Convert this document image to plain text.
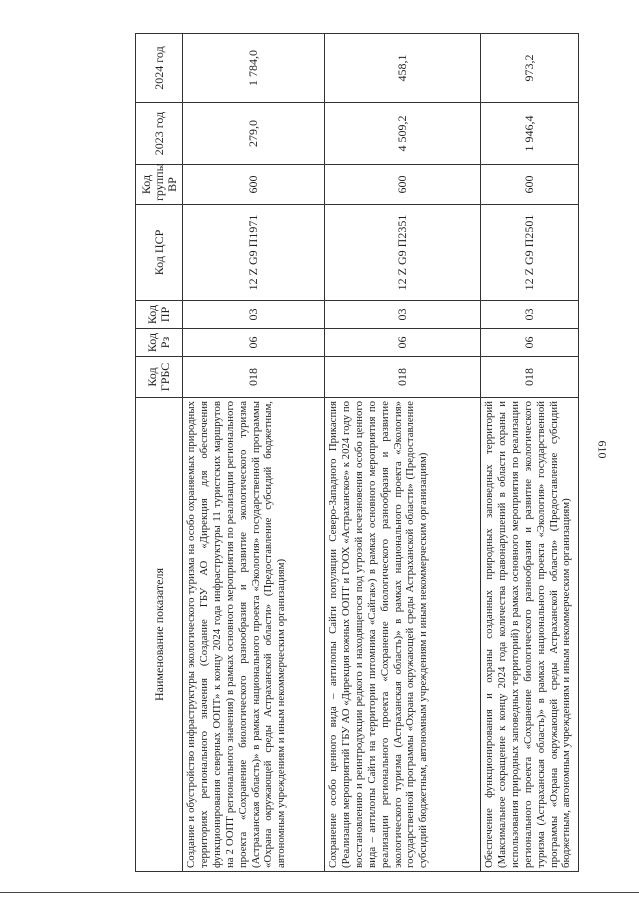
610
Наименование показателя	Код ГРБС	Код Рз	Код ПР	Код ЦСР	Код группы ВР	2023 год	2024 год
Создание и обустройство инфраструктуры экологического туризма на особо охраняемых природных территориях регионального значения (Создание ГБУ АО «Дирекция для обеспечения функционирования северных ООПТ» к концу 2024 года инфраструктуры 11 туристских маршрутов на 2 ООПТ регионального значения) в рамках основного мероприятия по реализации регионального проекта «Сохранение биологического разнообразия и развитие экологического туризма (Астраханская область)» в рамках национального проекта «Экология» государственной программы «Охрана окружающей среды Астраханской области» (Предоставление субсидий бюджетным, автономным учреждениям и иным некоммерческим организациям)	018	06	03	12 Z G9 П1971	600	279,0	1 784,0
Сохранение особо ценного вида – антилопы Сайги популяции Северо-Западного Прикаспия (Реализация мероприятий ГБУ АО «Дирекция южных ООПТ и ГООХ «Астраханское» к 2024 году по восстановлению и реинтродукции редкого и находящегося под угрозой исчезновения особо ценного вида – антилопы Сайги на территории питомника «Сайгак») в рамках основного мероприятия по реализации регионального проекта «Сохранение биологического разнообразия и развитие экологического туризма (Астраханская область)» в рамках национального проекта «Экология» государственной программы «Охрана окружающей среды Астраханской области» (Предоставление субсидий бюджетным, автономным учреждениям и иным некоммерческим организациям)	018	06	03	12 Z G9 П2351	600	4 509,2	458,1
Обеспечение функционирования и охраны созданных природных заповедных территорий (Максимальное сокращение к концу 2024 года количества правонарушений в области охраны и использования природных заповедных территорий) в рамках основного мероприятия по реализации регионального проекта «Сохранение биологического разнообразия и развитие экологического туризма (Астраханская область)» в рамках национального проекта «Экология» государственной программы «Охрана окружающей среды Астраханской области» (Предоставление субсидий бюджетным, автономным учреждениям и иным некоммерческим организациям)	018	06	03	12 Z G9 П2501	600	1 946,4	973,2
